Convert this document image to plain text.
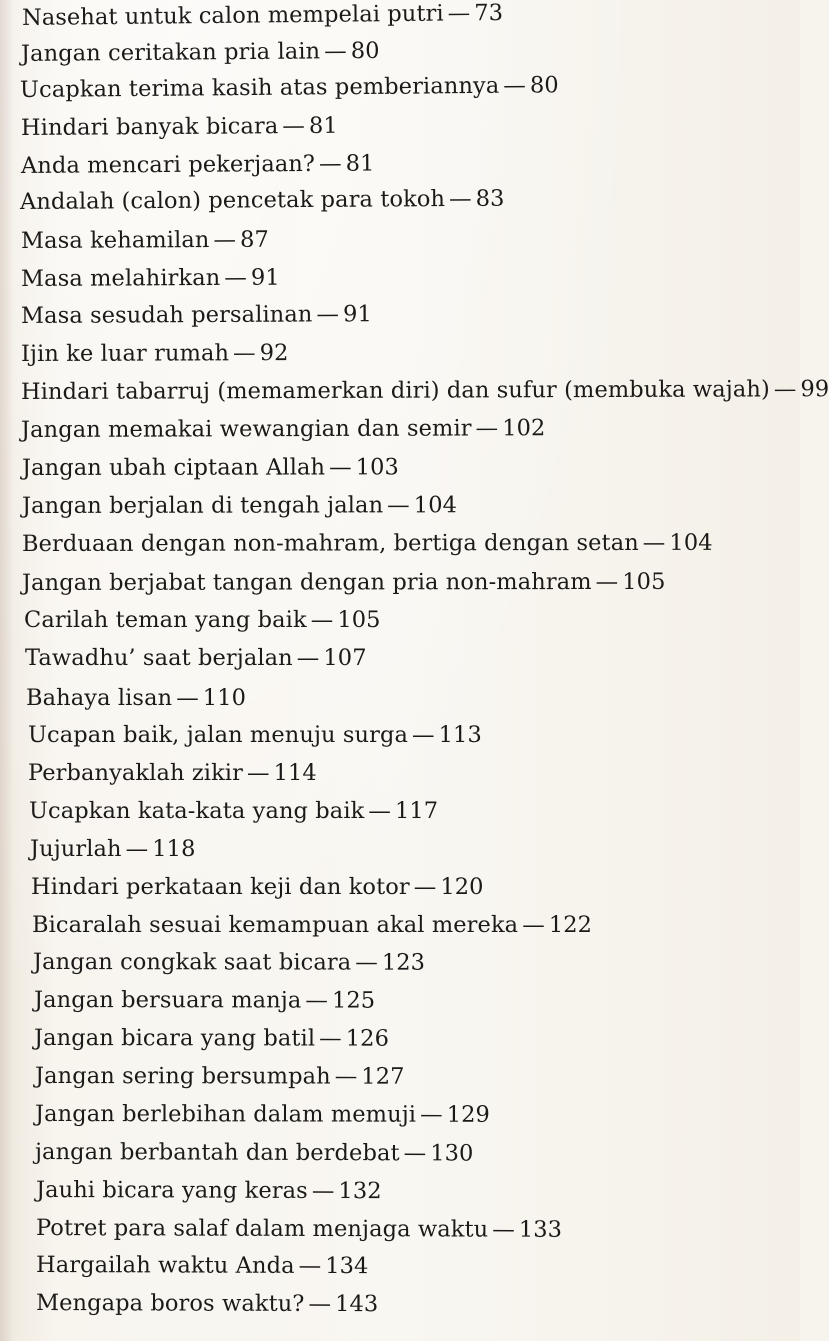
Nasehat untuk calon mempelai putri — 73
Jangan ceritakan pria lain — 80
Ucapkan terima kasih atas pemberiannya — 80
Hindari banyak bicara — 81
Anda mencari pekerjaan? — 81
Andalah (calon) pencetak para tokoh — 83
Masa kehamilan — 87
Masa melahirkan — 91
Masa sesudah persalinan — 91
Ijin ke luar rumah — 92
Hindari tabarruj (memamerkan diri) dan sufur (membuka wajah) — 99
Jangan memakai wewangian dan semir — 102
Jangan ubah ciptaan Allah — 103
Jangan berjalan di tengah jalan — 104
Berduaan dengan non-mahram, bertiga dengan setan — 104
Jangan berjabat tangan dengan pria non-mahram — 105
Carilah teman yang baik — 105
Tawadhu’ saat berjalan — 107
Bahaya lisan — 110
Ucapan baik, jalan menuju surga — 113
Perbanyaklah zikir — 114
Ucapkan kata-kata yang baik — 117
Jujurlah — 118
Hindari perkataan keji dan kotor — 120
Bicaralah sesuai kemampuan akal mereka — 122
Jangan congkak saat bicara — 123
Jangan bersuara manja — 125
Jangan bicara yang batil — 126
Jangan sering bersumpah — 127
Jangan berlebihan dalam memuji — 129
jangan berbantah dan berdebat — 130
Jauhi bicara yang keras — 132
Potret para salaf dalam menjaga waktu — 133
Hargailah waktu Anda — 134
Mengapa boros waktu? — 143
